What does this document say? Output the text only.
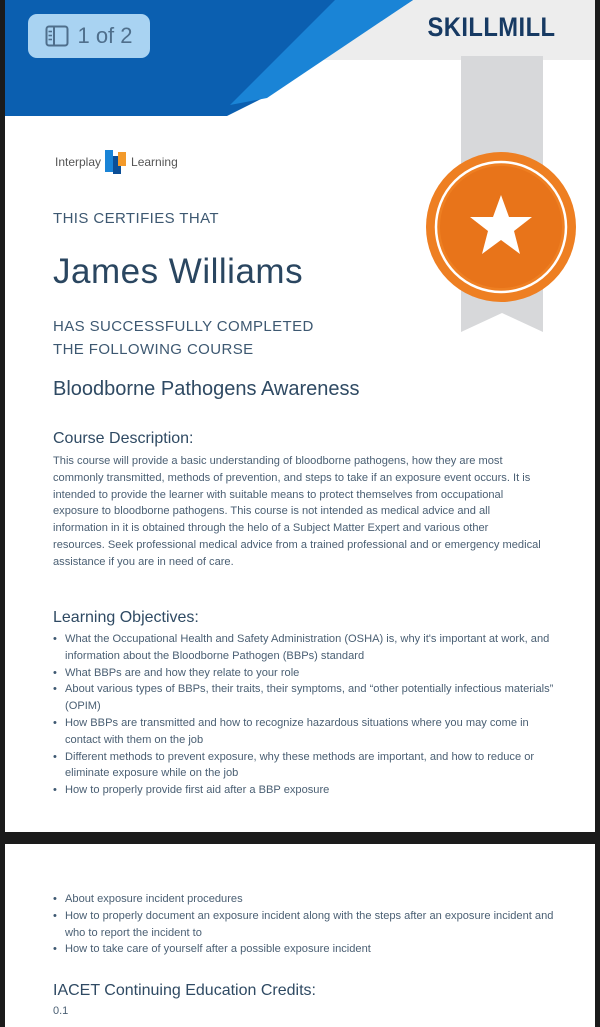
SKILLMILL
Interplay	Learning

THIS CERTIFIES THAT

James Williams
HAS SUCCESSFULLY COMPLETED
THE FOLLOWING COURSE
Bloodborne Pathogens Awareness
Course Description:

This course will provide a basic understanding of bloodborne pathogens, how they are most commonly transmitted, methods of prevention, and steps to take if an exposure event occurs. It is intended to provide the learner with suitable means to protect themselves from occupational exposure to bloodborne pathogens. This course is not intended as medical advice and all information in it is obtained through the helo of a Subject Matter Expert and various other resources. Seek professional medical advice from a trained professional and or emergency medical assistance if you are in need of care.

Learning Objectives:
• What the Occupational Health and Safety Administration (OSHA) is, why it's important at work, and information about the Bloodborne Pathogen (BBPs) standard
• What BBPs are and how they relate to your role
• About various types of BBPs, their traits, their symptoms, and “other potentially infectious materials” (OPIM)
• How BBPs are transmitted and how to recognize hazardous situations where you may come in contact with them on the job
• Different methods to prevent exposure, why these methods are important, and how to reduce or eliminate exposure while on the job
• How to properly provide first aid after a BBP exposure
• About exposure incident procedures
• How to properly document an exposure incident along with the steps after an exposure incident and who to report the incident to
• How to take care of yourself after a possible exposure incident
IACET Continuing Education Credits:
0.1
1 of 2
